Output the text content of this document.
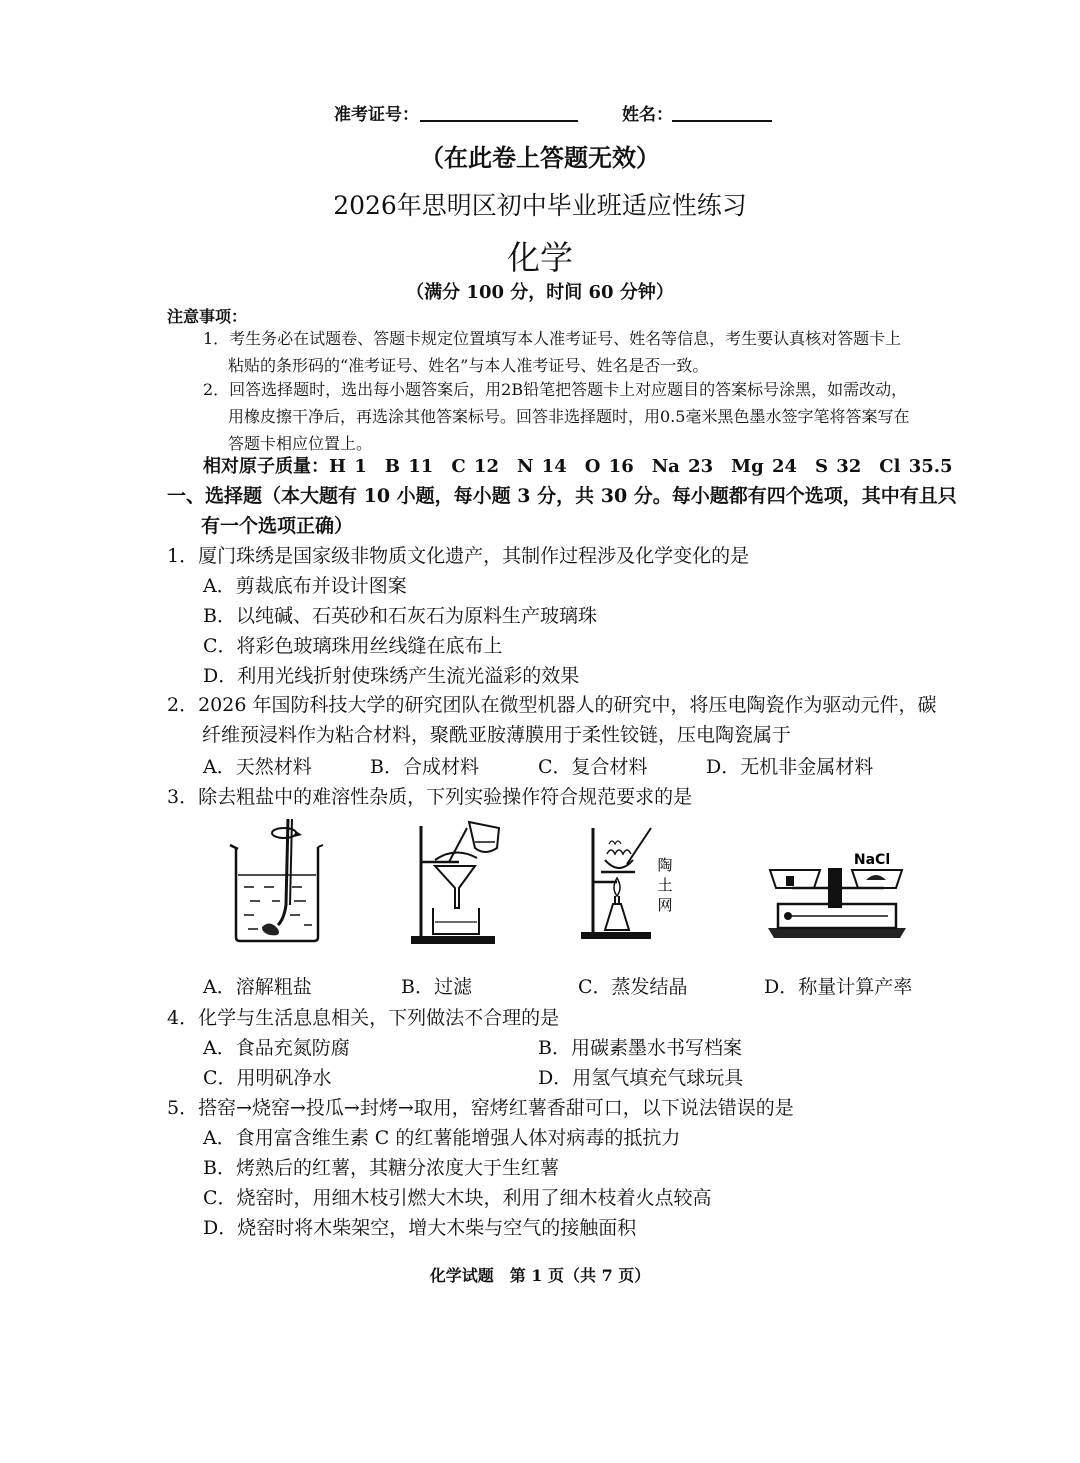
准考证号：	姓名：
（在此卷上答题无效）
2026年思明区初中毕业班适应性练习
化学
（满分 100 分，时间 60 分钟）
注意事项：
1．考生务必在试题卷、答题卡规定位置填写本人准考证号、姓名等信息，考生要认真核对答题卡上
粘贴的条形码的“准考证号、姓名”与本人准考证号、姓名是否一致。
2．回答选择题时，选出每小题答案后，用2B铅笔把答题卡上对应题目的答案标号涂黑，如需改动，
用橡皮擦干净后，再选涂其他答案标号。回答非选择题时，用0.5毫米黑色墨水签字笔将答案写在
答题卡相应位置上。
相对原子质量：H 1　B 11　C 12　N 14　O 16　Na 23　Mg 24　S 32　Cl 35.5
一、选择题（本大题有 10 小题，每小题 3 分，共 30 分。每小题都有四个选项，其中有且只
有一个选项正确）
1．厦门珠绣是国家级非物质文化遗产，其制作过程涉及化学变化的是
A．剪裁底布并设计图案
B．以纯碱、石英砂和石灰石为原料生产玻璃珠
C．将彩色玻璃珠用丝线缝在底布上
D．利用光线折射使珠绣产生流光溢彩的效果
2．2026 年国防科技大学的研究团队在微型机器人的研究中，将压电陶瓷作为驱动元件，碳
纤维预浸料作为粘合材料，聚酰亚胺薄膜用于柔性铰链，压电陶瓷属于
A．天然材料	B．合成材料	C．复合材料	D．无机非金属材料
3．除去粗盐中的难溶性杂质，下列实验操作符合规范要求的是
陶
土
网
NaCl
A．溶解粗盐	B．过滤	C．蒸发结晶	D．称量计算产率
4．化学与生活息息相关，下列做法不合理的是
A．食品充氮防腐	B．用碳素墨水书写档案
C．用明矾净水	D．用氢气填充气球玩具
5．搭窑→烧窑→投瓜→封烤→取用，窑烤红薯香甜可口，以下说法错误的是
A．食用富含维生素 C 的红薯能增强人体对病毒的抵抗力
B．烤熟后的红薯，其糖分浓度大于生红薯
C．烧窑时，用细木枝引燃大木块，利用了细木枝着火点较高
D．烧窑时将木柴架空，增大木柴与空气的接触面积
化学试题　第 1 页（共 7 页）
